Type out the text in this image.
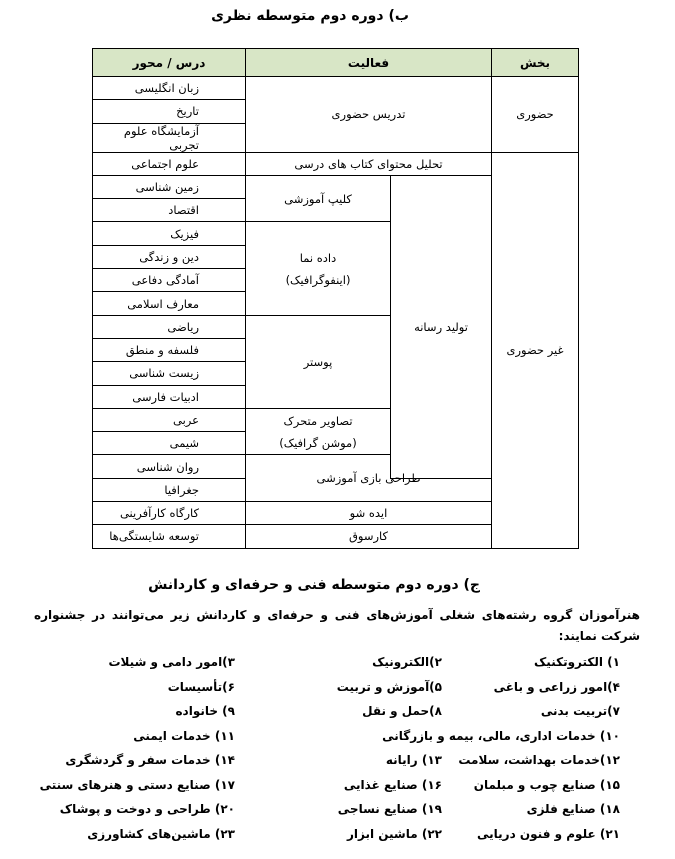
ب) دوره دوم متوسطه نظری
درس / محور	فعالیت		بخش
زبان انگلیسی	تدریس حضوری		حضوری
تاریخ			
آزمایشگاه علوم تجربی			
علوم اجتماعی	تحلیل محتوای کتاب های درسی		غیر حضوری
زمین شناسی	کلیپ آموزشی	تولید رسانه	
اقتصاد			
فیزیک	داده نما
(اینفوگرافیک)		

دین و زندگی			
آمادگی دفاعی			
معارف اسلامی			
ریاضی	پوستر		
فلسفه و منطق			
زیست شناسی			
ادبیات فارسی			
عربی	تصاویر متحرک
(موشن گرافیک)		

شیمی			
روان شناسی	طراحی بازی آموزشی		
جغرافیا			
کارگاه کارآفرینی	ایده شو		
توسعه شایستگی‌ها	کارسوق		
ج) دوره دوم متوسطه فنی و حرفه‌ای و کاردانش
هنرآموزان گروه رشته‌های شغلی آموزش‌های فنی و حرفه‌ای و کاردانش زیر می‌توانند در جشنواره شرکت نمایند:
۱) الکتروتکنیک
۲)الکترونیک
۳)امور دامی و شیلات
۴)امور زراعی و باغی
۵)آموزش و تربیت
۶)تأسیسات
۷)تربیت بدنی
۸)حمل و نقل
۹) خانواده
۱۰) خدمات اداری، مالی، بیمه و بازرگانی
۱۱) خدمات ایمنی
۱۲)خدمات بهداشت، سلامت
۱۳) رایانه
۱۴) خدمات سفر و گردشگری
۱۵) صنایع چوب و مبلمان
۱۶) صنایع غذایی
۱۷) صنایع دستی و هنرهای سنتی
۱۸) صنایع فلزی
۱۹) صنایع نساجی
۲۰) طراحی و دوخت و پوشاک
۲۱) علوم و فنون دریایی
۲۲) ماشین ابزار
۲۳) ماشین‌های کشاورزی
